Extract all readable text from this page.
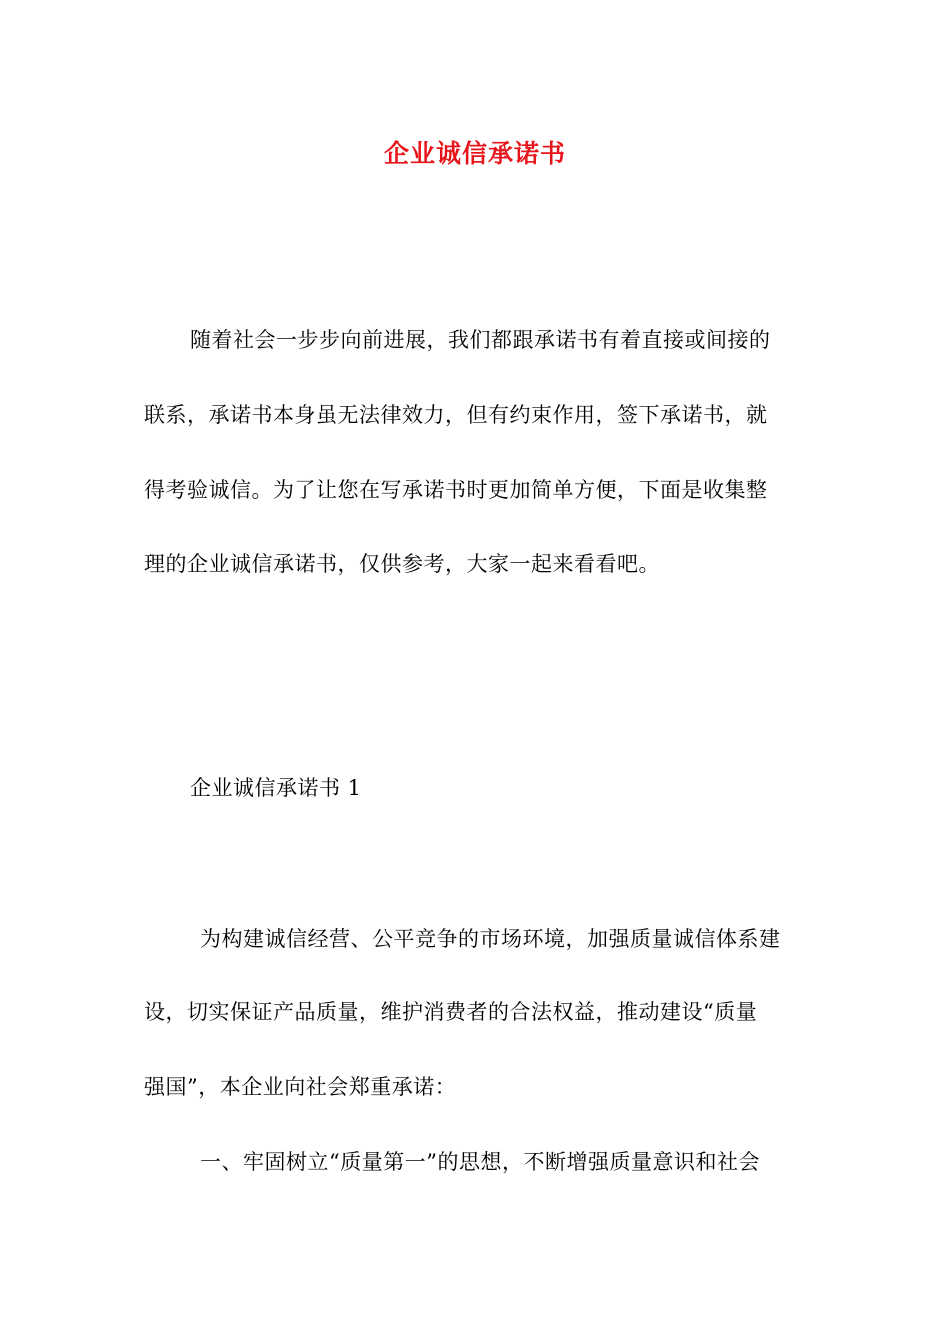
企业诚信承诺书
随着社会一步步向前进展，我们都跟承诺书有着直接或间接的
联系，承诺书本身虽无法律效力，但有约束作用，签下承诺书，就
得考验诚信。为了让您在写承诺书时更加简单方便，下面是收集整
理的企业诚信承诺书，仅供参考，大家一起来看看吧。
企业诚信承诺书 1
为构建诚信经营、公平竞争的市场环境，加强质量诚信体系建
设，切实保证产品质量，维护消费者的合法权益，推动建设“质量
强国”，本企业向社会郑重承诺：
一、牢固树立“质量第一”的思想，不断增强质量意识和社会
